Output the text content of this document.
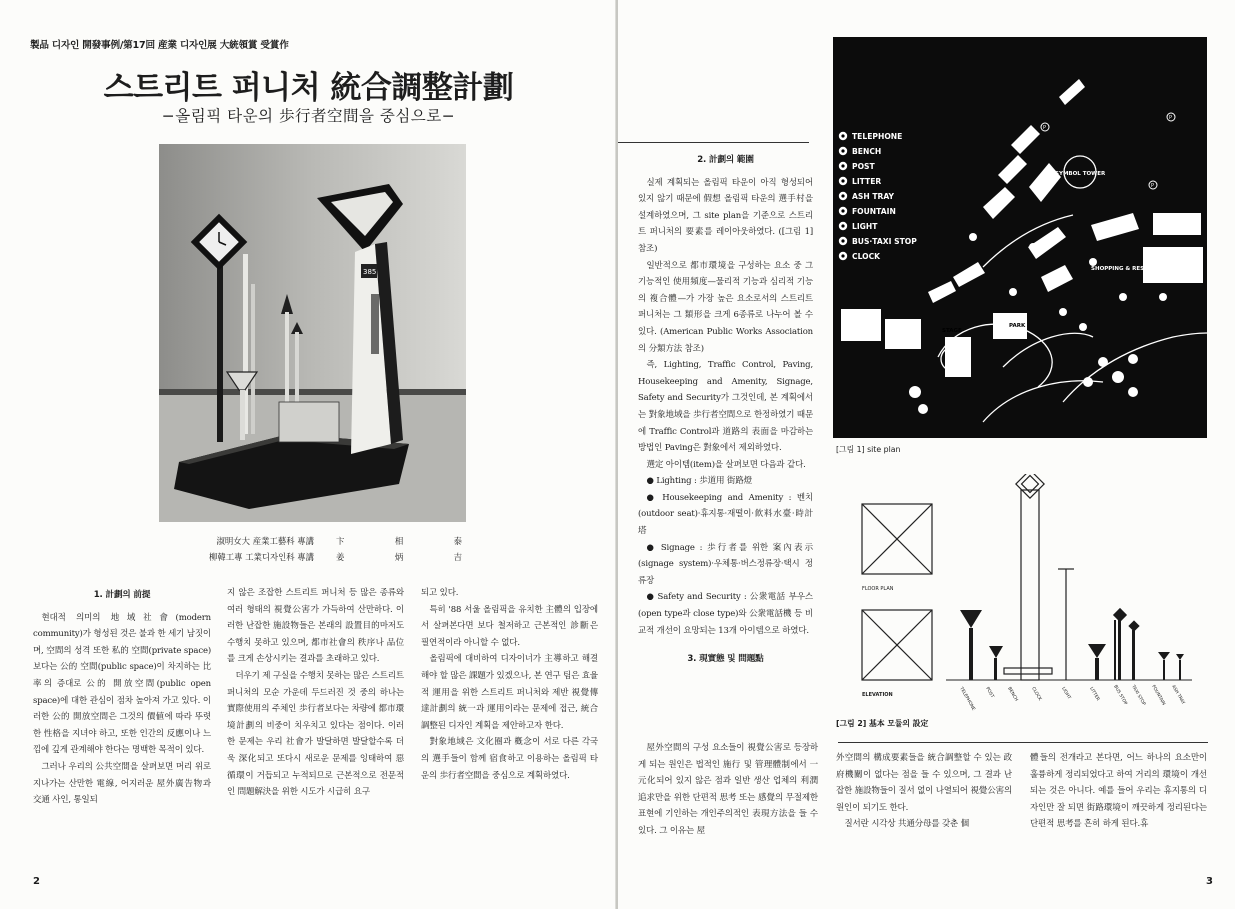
製品 디자인 開發事例/第17回 産業 디자인展 大統領賞 受賞作
스트리트 퍼니처 統合調整計劃
−올림픽 타운의 歩行者空間을 중심으로−
385
淑明女大 産業工藝科 專講	卞	相	泰
柳韓工專 工業디자인科 專講	姜	炳	吉
1. 計劃의 前提

현대적 의미의 地域社會(modern community)가 형성된 것은 불과 한 세기 남짓이며, 空間의 성격 또한 私的 空間(private space)보다는 公的 空間(public space)이 차지하는 比率의 증대로 公的 開放空間(public open space)에 대한 관심이 점차 높아져 가고 있다. 이러한 公的 開放空間은 그것의 價値에 따라 뚜렷한 性格을 지녀야 하고, 또한 인간의 反應이나 느낌에 깊게 관계해야 한다는 명백한 목적이 있다.

그러나 우리의 公共空間을 살펴보면 머리 위로 지나가는 산만한 電線, 어지러운 屋外廣告物과 交通 사인, 통일되

지 않은 조잡한 스트리트 퍼니처 등 많은 종류와 여러 형태의 視覺公害가 가득하여 산만하다. 이러한 난잡한 施設物들은 본래의 設置目的마저도 수행치 못하고 있으며, 都市社會의 秩序나 品位를 크게 손상시키는 결과를 초래하고 있다.

더우기 제 구실을 수행치 못하는 많은 스트리트 퍼니처의 모순 가운데 두드러진 것 중의 하나는 實際使用의 주체인 歩行者보다는 차량에 都市環境計劃의 비중이 치우치고 있다는 점이다. 이러한 문제는 우리 社會가 발달하면 발달할수록 더욱 深化되고 또다시 새로운 문제를 잉태하여 惡循環이 거듭되고 누적되므로 근본적으로 전문적인 問題解決을 위한 시도가 시급히 요구

되고 있다.

특히 '88 서울 올림픽을 유치한 主體의 입장에서 살펴본다면 보다 철저하고 근본적인 診斷은 필연적이라 아니할 수 없다.

올림픽에 대비하여 디자이너가 主導하고 해결해야 할 많은 課題가 있겠으나, 본 연구 팀은 효율적 運用을 위한 스트리트 퍼니처와 제반 視覺傳達計劃의 統一과 運用이라는 문제에 접근, 統合調整된 디자인 계획을 제안하고자 한다.

對象地域은 文化圈과 槪念이 서로 다른 각국의 選手들이 함께 宿食하고 이용하는 올림픽 타운의 歩行者空間을 중심으로 계획하였다.

2	3
2. 計劃의 範圍

실제 계획되는 올림픽 타운이 아직 형성되어 있지 않기 때문에 假想 올림픽 타운의 選手村을 설계하였으며, 그 site plan을 기준으로 스트리트 퍼니처의 要素를 레이아웃하였다. ([그림 1] 참조)

일반적으로 都市環境을 구성하는 요소 중 그 기능적인 使用頻度—물리적 기능과 심리적 기능의 複合體—가 가장 높은 요소로서의 스트리트 퍼니처는 그 類形을 크게 6종류로 나누어 볼 수 있다. (American Public Works Association의 分類方法 참조)

즉, Lighting, Traffic Control, Paving, Housekeeping and Amenity, Signage, Safety and Security가 그것인데, 본 계획에서는 對象地域을 歩行者空間으로 한정하였기 때문에 Traffic Control과 道路의 表面을 마감하는 방법인 Paving은 對象에서 제외하였다.

選定 아이템(item)을 살펴보면 다음과 같다.

● Lighting : 歩道用 街路燈

● Housekeeping and Amenity : 벤치(outdoor seat)·휴지통·재떨이·飮料水臺·時計塔

● Signage : 歩行者를 위한 案內表示(signage system)·우체통·버스정류장·택시 정류장

● Safety and Security : 公衆電話 부우스(open type과 close type)와 公衆電話機 등 비교적 개선이 요망되는 13개 아이템으로 하였다.

3. 現實態 및 問題點

屋外空間의 구성 요소들이 視覺公害로 등장하게 되는 원인은 법적인 施行 및 管理體制에서 一元化되어 있지 않은 점과 일반 생산 업체의 利潤追求만을 위한 단편적 思考 또는 感覺의 무절제한 표현에 기인하는 개인주의적인 表現方法을 들 수 있다. 그 이유는 屋

外空間의 構成要素들을 統合調整할 수 있는 政府機關이 없다는 점을 들 수 있으며, 그 결과 난잡한 施設物들이 질서 없이 나열되어 視覺公害의 원인이 되기도 한다.

질서란 시각상 共通分母를 갖춘 個

體들의 전개라고 본다면, 어느 하나의 요소만이 훌륭하게 정리되었다고 하여 거리의 環境이 개선되는 것은 아니다. 예를 들어 우리는 휴지통의 디자인만 잘 되면 街路環境이 깨끗하게 정리된다는 단편적 思考를 흔히 하게 된다.휴

TELEPHONE
BENCH
POST
LITTER
ASH TRAY
FOUNTAIN
LIGHT
BUS·TAXI STOP
CLOCK
SYMBOL TOWER
SHOPPING & REST PLACE
STAGE
PARK
P
P
P
[그림 1] site plan
FLOOR PLAN
ELEVATION	TELEPHONE POST	BENCH	CLOCK	LIGHT	LITTER	BUS STOP TAXI STOP FOUNTAIN ASH TRAY
[그림 2] 基本 모듈의 設定
